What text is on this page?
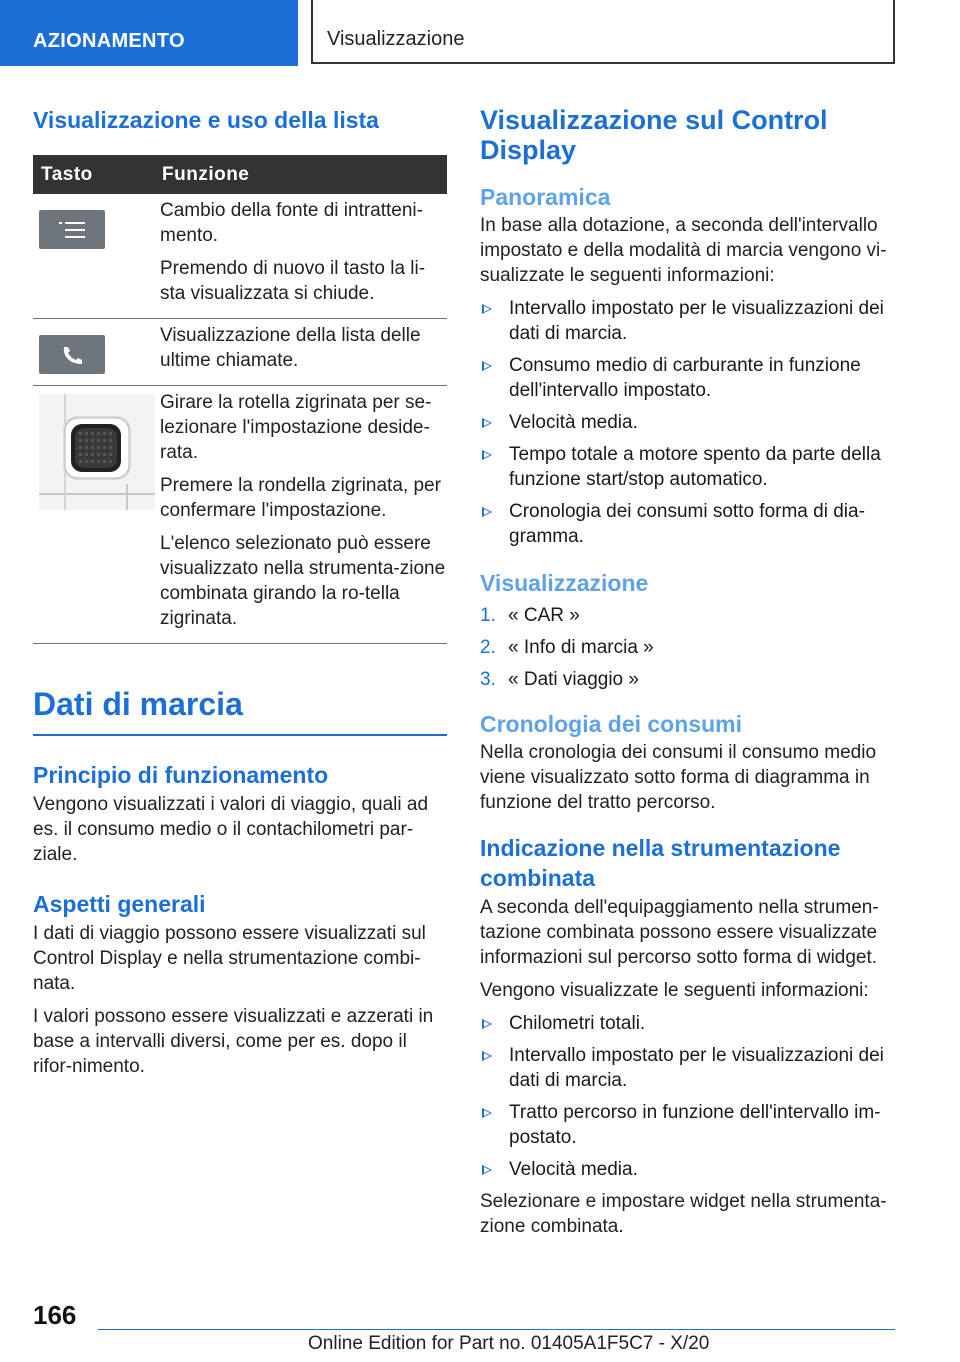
AZIONAMENTO	Visualizzazione
Visualizzazione e uso della lista
Tasto	Funzione

Cambio della fonte di intratteni-mento.
Premendo di nuovo il tasto la li-sta visualizzata si chiude.

Visualizzazione della lista delle ultime chiamate.

Girare la rotella zigrinata per se-lezionare l'impostazione deside-rata.
Premere la rondella zigrinata, per confermare l'impostazione.
L'elenco selezionato può essere visualizzato nella strumenta-zione combinata girando la ro-tella zigrinata.
Dati di marcia
Principio di funzionamento
Vengono visualizzati i valori di viaggio, quali ad es. il consumo medio o il contachilometri par-ziale.
Aspetti generali
I dati di viaggio possono essere visualizzati sul Control Display e nella strumentazione combi-nata.
I valori possono essere visualizzati e azzerati in base a intervalli diversi, come per es. dopo il rifor-nimento.
Visualizzazione sul Control Display
Panoramica
In base alla dotazione, a seconda dell'intervallo impostato e della modalità di marcia vengono vi-sualizzate le seguenti informazioni:
Intervallo impostato per le visualizzazioni dei dati di marcia.
Consumo medio di carburante in funzione dell'intervallo impostato.
Velocità media.
Tempo totale a motore spento da parte della funzione start/stop automatico.
Cronologia dei consumi sotto forma di dia-gramma.
Visualizzazione
1. « CAR »
2. « Info di marcia »
3. « Dati viaggio »
Cronologia dei consumi
Nella cronologia dei consumi il consumo medio viene visualizzato sotto forma di diagramma in funzione del tratto percorso.
Indicazione nella strumentazione combinata
A seconda dell'equipaggiamento nella strumen-tazione combinata possono essere visualizzate informazioni sul percorso sotto forma di widget.
Vengono visualizzate le seguenti informazioni:
Chilometri totali.
Intervallo impostato per le visualizzazioni dei dati di marcia.
Tratto percorso in funzione dell'intervallo im-postato.
Velocità media.
Selezionare e impostare widget nella strumenta-zione combinata.
166
Online Edition for Part no. 01405A1F5C7 - X/20
